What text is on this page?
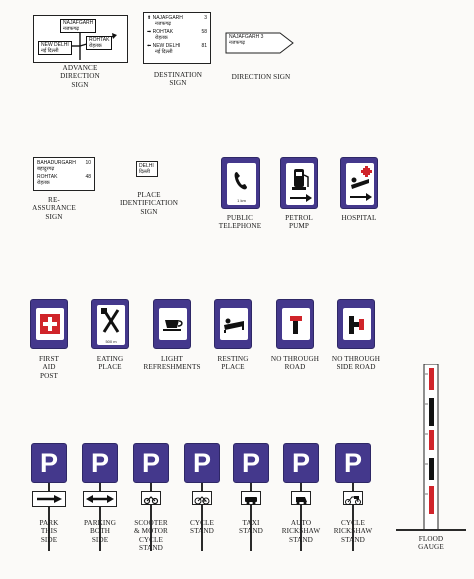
NAJAFGARH
नजफगढ़
NEW DELHI
नई दिल्ली
ROHTAK
रोहतक
ADVANCE
DIRECTION
SIGN
⬆ NAJAFGARH	3
नजफगढ़
➡ ROHTAK	58
रोहतक
⬅ NEW DELHI	81
नई दिल्ली
DESTINATION
SIGN
NAJAFGARH 3
नजफगढ़
DIRECTION SIGN
BAHADURGARH 10
बहादुरगढ़
ROHTAK	48
रोहतक
RE-
ASSURANCE
SIGN
DELHI
दिल्ली
PLACE
IDENTIFICATION
SIGN
1 km
PUBLIC
TELEPHONE
PETROL
PUMP
HOSPITAL
FIRST
AID
POST
500 m
EATING
PLACE
LIGHT
REFRESHMENTS
RESTING
PLACE
NO THROUGH
ROAD
NO THROUGH
SIDE ROAD
FLOOD
GAUGE
P
PARK
THIS
SIDE
P
PARKING
BOTH
SIDE
P
SCOOTER
& MOTOR
CYCLE
STAND
P
CYCLE
STAND
P
TAXI
STAND
P
AUTO
RICKSHAW
STAND
P
CYCLE
RICKSHAW
STAND
